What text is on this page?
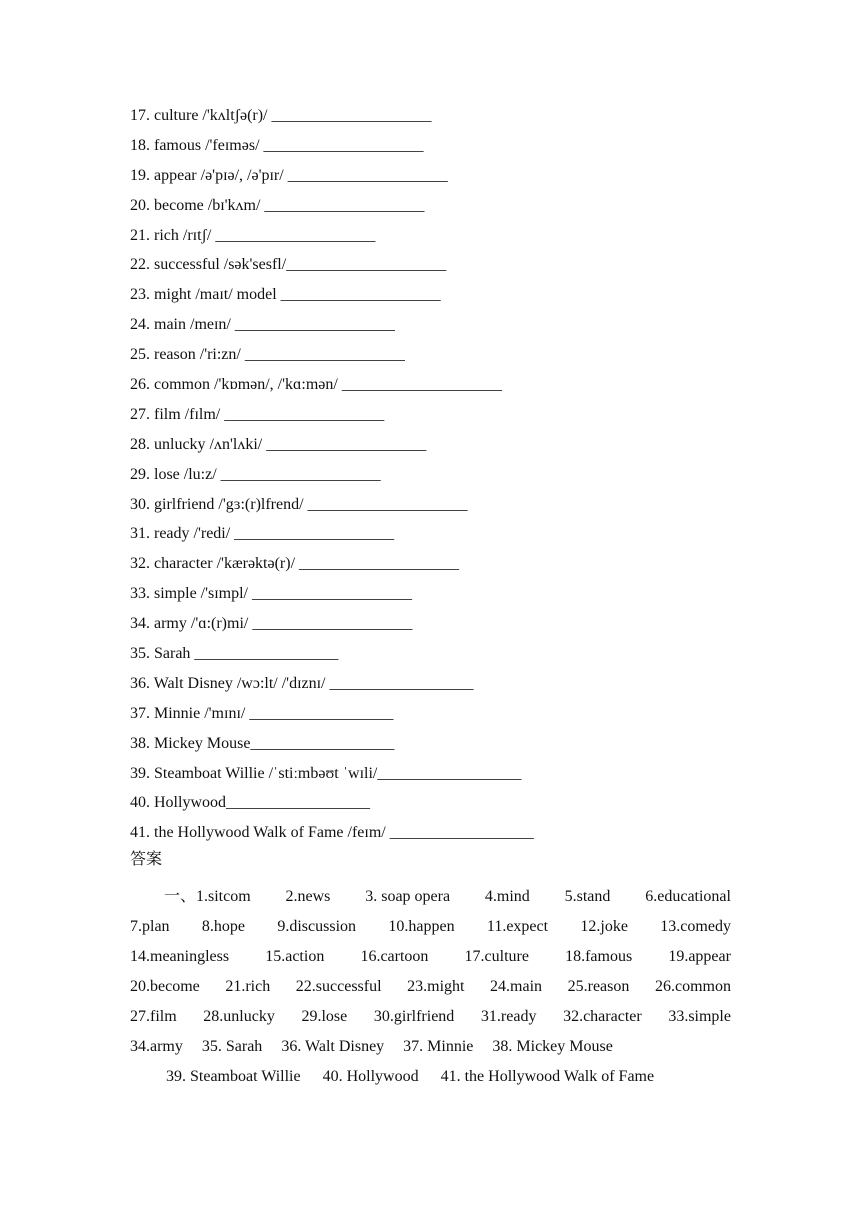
17. culture /'kʌltʃə(r)/ ____________________
18. famous /'feɪməs/ ____________________
19. appear /ə'pɪə/, /ə'pɪr/ ____________________
20. become /bɪ'kʌm/ ____________________
21. rich /rɪtʃ/ ____________________
22. successful /sək'sesfl/____________________
23. might /maɪt/ model ____________________
24. main /meɪn/ ____________________
25. reason /'ri:zn/ ____________________
26. common /'kɒmən/, /'kɑ:mən/ ____________________
27. film /fɪlm/ ____________________
28. unlucky /ʌn'lʌki/ ____________________
29. lose /lu:z/ ____________________
30. girlfriend /'gɜ:(r)lfrend/ ____________________
31. ready /'redi/ ____________________
32. character /'kærəktə(r)/ ____________________
33. simple /'sɪmpl/ ____________________
34. army /'ɑ:(r)mi/ ____________________
35. Sarah __________________
36. Walt Disney /wɔ:lt/ /'dɪznɪ/ __________________
37. Minnie /'mɪnɪ/ __________________
38. Mickey Mouse__________________
39. Steamboat Willie /ˈstiːmbəʊt ˈwɪli/__________________
40. Hollywood__________________
41. the Hollywood Walk of Fame /feɪm/ __________________
答案
一、1.sitcom 2.news 3. soap opera 4.mind 5.stand 6.educational
7.plan 8.hope 9.discussion 10.happen 11.expect 12.joke 13.comedy
14.meaningless 15.action 16.cartoon 17.culture 18.famous 19.appear
20.become 21.rich 22.successful 23.might 24.main 25.reason 26.common
27.film 28.unlucky 29.lose 30.girlfriend 31.ready 32.character 33.simple
34.army 35. Sarah 36. Walt Disney 37. Minnie 38. Mickey Mouse
39. Steamboat Willie 40. Hollywood 41. the Hollywood Walk of Fame
